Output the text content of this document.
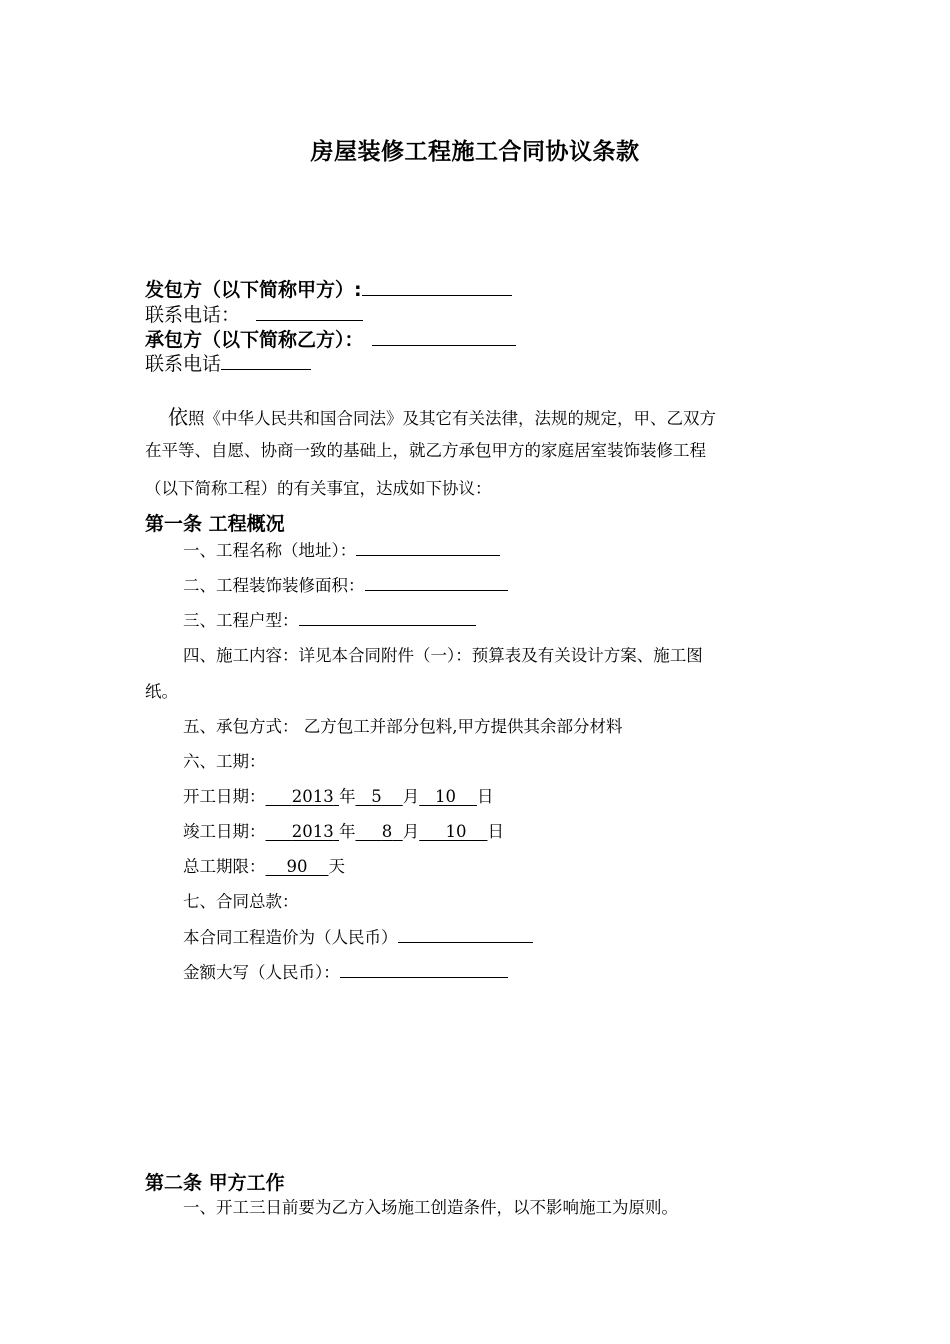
房屋装修工程施工合同协议条款
发包方（以下简称甲方）:
联系电话：
承包方（以下简称乙方）：
联系电话
依照《中华人民共和国合同法》及其它有关法律，法规的规定，甲、乙双方
在平等、自愿、协商一致的基础上，就乙方承包甲方的家庭居室装饰装修工程
（以下简称工程）的有关事宜，达成如下协议：
第一条 工程概况
一、工程名称（地址）：
二、工程装饰装修面积：
三、工程户型：
四、施工内容：详见本合同附件（一）：预算表及有关设计方案、施工图
纸。
五、承包方式： 乙方包工并部分包料,甲方提供其余部分材料
六、工期：
开工日期： 2013 年 5 月 10 日
竣工日期： 2013 年 8 月 10 日
总工期限： 90 天
七、合同总款：
本合同工程造价为（人民币）
金额大写（人民币）：
第二条 甲方工作
一、开工三日前要为乙方入场施工创造条件，以不影响施工为原则。
